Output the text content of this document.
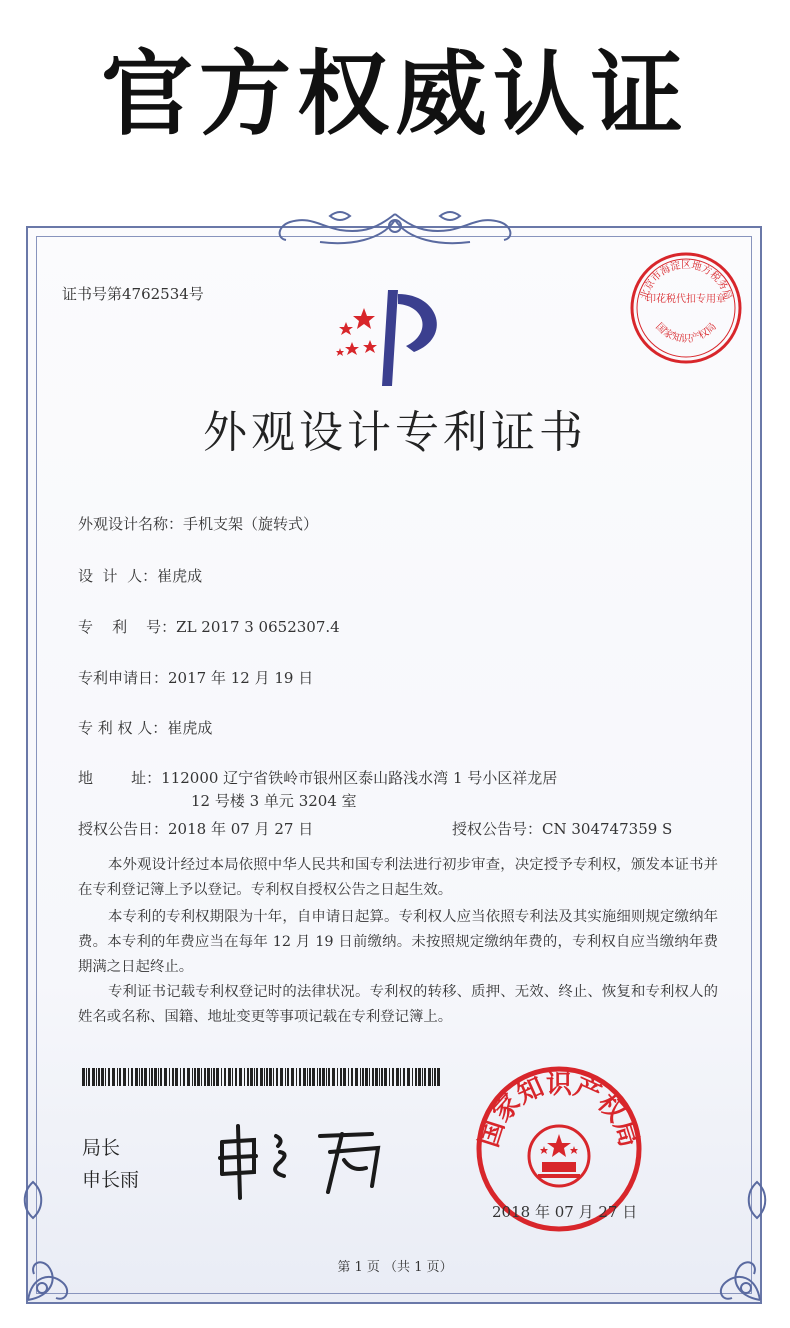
官方权威认证
证书号第4762534号	北京市海淀区地方税务局
印花税代扣专用章
国家知识产权局
外观设计专利证书
外观设计名称：手机支架（旋转式）
设  计  人：崔虎成
专    利    号：ZL 2017 3 0652307.4
专利申请日：2017 年 12 月 19 日
专 利 权 人：崔虎成
地        址：112000 辽宁省铁岭市银州区泰山路浅水湾 1 号小区祥龙居
12 号楼 3 单元 3204 室
授权公告日：2018 年 07 月 27 日	授权公告号：CN 304747359 S
本外观设计经过本局依照中华人民共和国专利法进行初步审查，决定授予专利权，颁发本证书并在专利登记簿上予以登记。专利权自授权公告之日起生效。
本专利的专利权期限为十年，自申请日起算。专利权人应当依照专利法及其实施细则规定缴纳年费。本专利的年费应当在每年 12 月 19 日前缴纳。未按照规定缴纳年费的，专利权自应当缴纳年费期满之日起终止。
专利证书记载专利权登记时的法律状况。专利权的转移、质押、无效、终止、恢复和专利权人的姓名或名称、国籍、地址变更等事项记载在专利登记簿上。
局长
申长雨
国家知识产权局
2018 年 07 月 27 日
第 1 页 （共 1 页）
